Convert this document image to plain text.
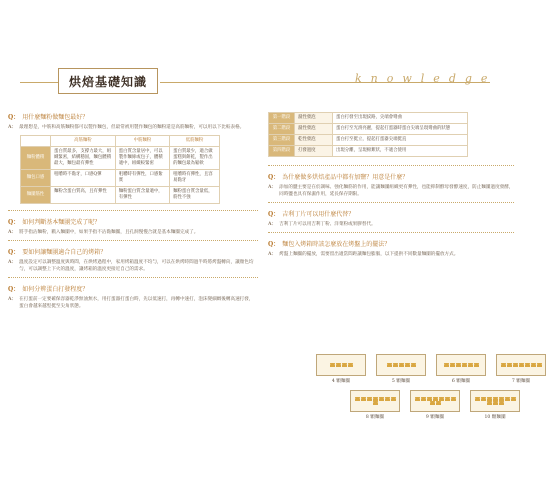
烘焙基礎知識	knowledge
Q： 用什麼麵粉做麵包最好？
A： 最理想是，中筋和高筋麵粉都可以製作麵包，但最常被用製作麵包的麵粉還是高筋麵粉，可以用以下比較表格。
	高筋麵粉	中筋麵粉	低筋麵粉
麵粉體積	蛋白質最多，支撐力最大，組織緊密，結構穩固，麵包體積最大，麵包最有彈性	蛋白質含量居中，可以製作麵條或包子，體積適中，組織較緊密	蛋白質最少，適合做蛋糕與餅乾，製作出的麵包最為鬆軟
麵包口感	咀嚼時不黏牙，口感Q彈	咀嚼時有彈性，口感紮實	咀嚼時有彈性，且容易黏牙
麵團筋性	麵粉含蛋白質高，且有彈性	麵粉蛋白質含量適中，有彈性	麵粉蛋白質含量低，筋性不強
Q： 如何判斷基本麵團完成了呢？
A： 將手指沾麵粉，戳入麵團中，如果手指不沾黏麵團，且孔洞慢慢合就是基本麵團完成了。
Q： 要如何讓麵團適合自己的烤箱？
A： 溫度設定可以調整溫度與時間，在烘烤過程中，家用烤箱溫度不均勻，可以在烘烤時間過半時將烤盤轉向，讓顏色均勻，可以調整上下火的溫度，讓烤箱的溫度更接近自己的需求。
Q： 如何分辨蛋白打發程度？
A： 在打蛋前一定要確保容器乾淨無油無水，用打蛋器打蛋白時，先以低速打，再轉中速打，泡沫變細緻後轉高速打發，蛋白會越來越堅挺至尖角狀態。
第一階段	濕性發泡	蛋白打發至出現紋路，尖端會彎曲
第二階段	濕性發泡	蛋白打至光滑亮麗，提起打蛋器時蛋白尖端呈現彎曲的狀態
第三階段	乾性發泡	蛋白打至挺立，提起打蛋器尖端挺直
第四階段	打發過度	出現分離，呈現棉絮狀，不適合使用
Q： 為什麼做多烘焙產品中都有加鹽？用意是什麼？
A： 添加的鹽主要是在於調味、強化麵筋的作用，能讓麵團組織更有彈性，也能抑制酵母發酵速度，防止麵團過度發酵，同時鹽也具有保濕作用，延長保存期限。
Q： 吉利丁片可以用什麼代替？
A： 吉利丁片可以用吉利丁粉、洋菜粉或果膠替代。
Q： 麵包入烤箱時該怎麼放在烤盤上的擺法？
A： 烤盤上麵團的擺放，需要留出適當間距讓麵包膨脹，以下提供不同數量麵團的擺放方式。
4 顆麵團	5 顆麵團	6 顆麵團	7 顆麵團
8 顆麵團	9 顆麵團	10 顆麵團
